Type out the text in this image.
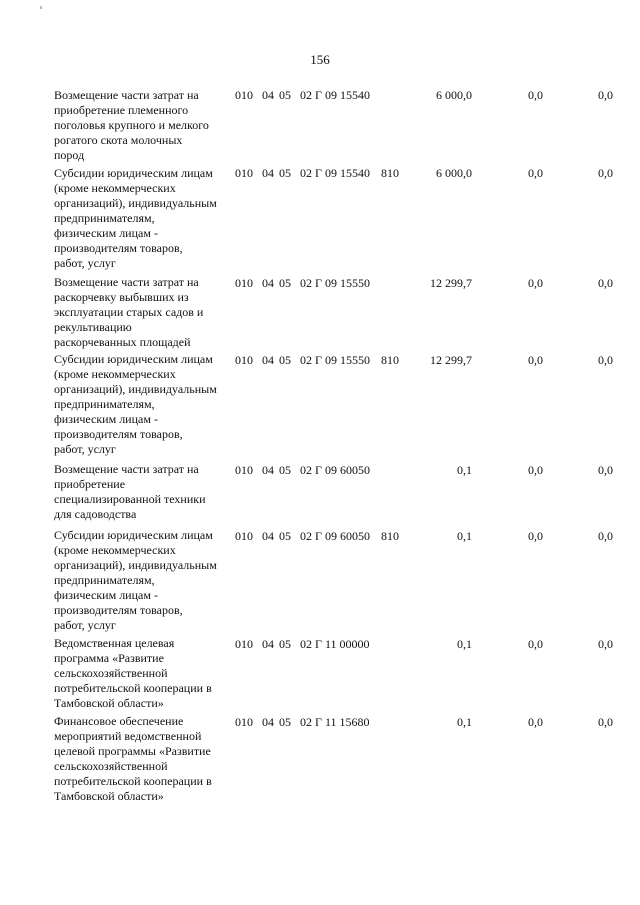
156
Возмещение части затрат на
приобретение племенного
поголовья крупного и мелкого
рогатого скота молочных
пород
010 04 05 02 Г 09 15540	6 000,0	0,0	0,0
Субсидии юридическим лицам
(кроме некоммерческих
организаций), индивидуальным
предпринимателям,
физическим лицам -
производителям товаров,
работ, услуг
010 04 05 02 Г 09 15540 810	6 000,0	0,0	0,0
Возмещение части затрат на
раскорчевку выбывших из
эксплуатации старых садов и
рекультивацию
раскорчеванных площадей
010 04 05 02 Г 09 15550	12 299,7	0,0	0,0
Субсидии юридическим лицам
(кроме некоммерческих
организаций), индивидуальным
предпринимателям,
физическим лицам -
производителям товаров,
работ, услуг
010 04 05 02 Г 09 15550 810	12 299,7	0,0	0,0
Возмещение части затрат на
приобретение
специализированной техники
для садоводства
010 04 05 02 Г 09 60050	0,1	0,0	0,0
Субсидии юридическим лицам
(кроме некоммерческих
организаций), индивидуальным
предпринимателям,
физическим лицам -
производителям товаров,
работ, услуг
010 04 05 02 Г 09 60050 810	0,1	0,0	0,0
Ведомственная целевая
программа «Развитие
сельскохозяйственной
потребительской кооперации в
Тамбовской области»
010 04 05 02 Г 11 00000	0,1	0,0	0,0
Финансовое обеспечение
мероприятий ведомственной
целевой программы «Развитие
сельскохозяйственной
потребительской кооперации в
Тамбовской области»
010 04 05 02 Г 11 15680	0,1	0,0	0,0
